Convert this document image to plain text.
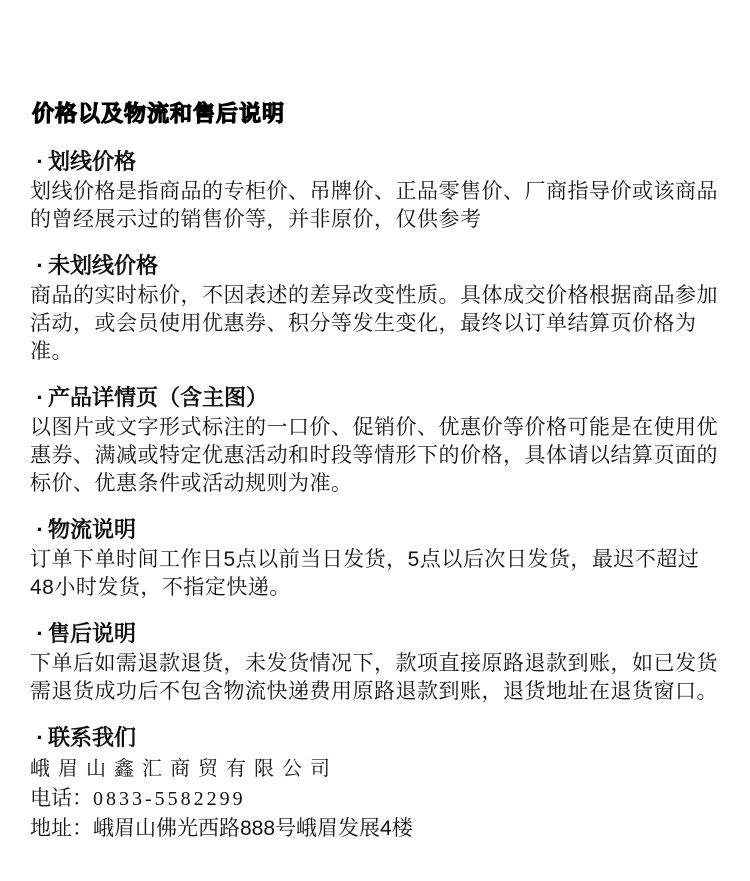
价格以及物流和售后说明
· 划线价格

划线价格是指商品的专柜价、吊牌价、正品零售价、厂商指导价或该商品的曾经展示过的销售价等，并非原价，仅供参考

· 未划线价格

商品的实时标价，不因表述的差异改变性质。具体成交价格根据商品参加活动，或会员使用优惠券、积分等发生变化，最终以订单结算页价格为准。

· 产品详情页（含主图）

以图片或文字形式标注的一口价、促销价、优惠价等价格可能是在使用优惠券、满减或特定优惠活动和时段等情形下的价格，具体请以结算页面的标价、优惠条件或活动规则为准。

· 物流说明

订单下单时间工作日5点以前当日发货，5点以后次日发货，最迟不超过48小时发货，不指定快递。

· 售后说明

下单后如需退款退货，未发货情况下，款项直接原路退款到账，如已发货需退货成功后不包含物流快递费用原路退款到账，退货地址在退货窗口。

· 联系我们

峨眉山鑫汇商贸有限公司

电话：0833-5582299

地址：峨眉山佛光西路888号峨眉发展4楼
